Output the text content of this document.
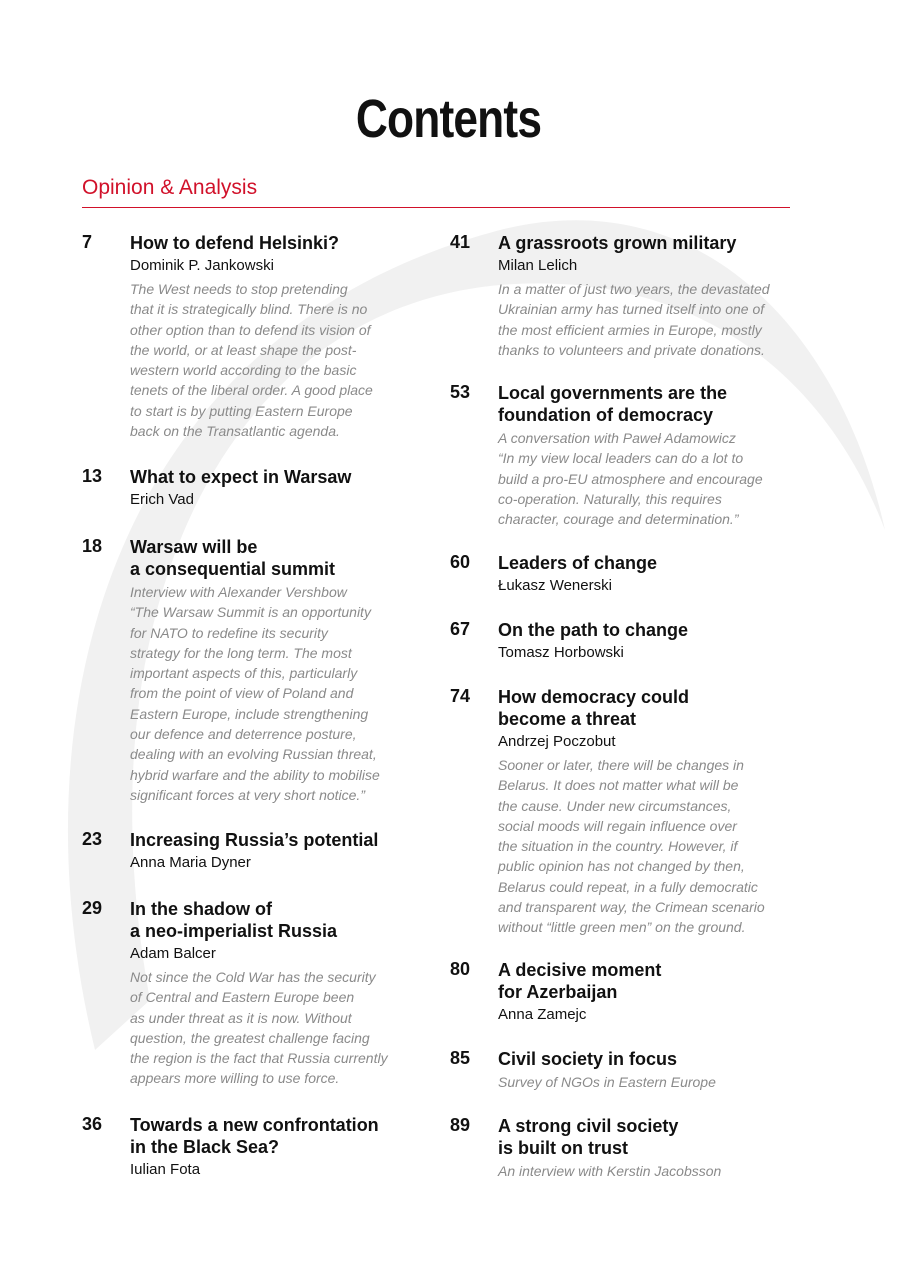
Contents
Opinion & Analysis
7 How to defend Helsinki?
Dominik P. Jankowski
The West needs to stop pretending
that it is strategically blind. There is no
other option than to defend its vision of
the world, or at least shape the post-
western world according to the basic
tenets of the liberal order. A good place
to start is by putting Eastern Europe
back on the Transatlantic agenda.
13 What to expect in Warsaw
Erich Vad
18 Warsaw will be
a consequential summit
Interview with Alexander Vershbow
“The Warsaw Summit is an opportunity
for NATO to redefine its security
strategy for the long term. The most
important aspects of this, particularly
from the point of view of Poland and
Eastern Europe, include strengthening
our defence and deterrence posture,
dealing with an evolving Russian threat,
hybrid warfare and the ability to mobilise
significant forces at very short notice.”
23 Increasing Russia’s potential
Anna Maria Dyner
29 In the shadow of
a neo-imperialist Russia
Adam Balcer
Not since the Cold War has the security
of Central and Eastern Europe been
as under threat as it is now. Without
question, the greatest challenge facing
the region is the fact that Russia currently
appears more willing to use force.
36 Towards a new confrontation
in the Black Sea?
Iulian Fota
41 A grassroots grown military
Milan Lelich
In a matter of just two years, the devastated
Ukrainian army has turned itself into one of
the most efficient armies in Europe, mostly
thanks to volunteers and private donations.
53 Local governments are the
foundation of democracy
A conversation with Paweł Adamowicz
“In my view local leaders can do a lot to
build a pro-EU atmosphere and encourage
co-operation. Naturally, this requires
character, courage and determination.”
60 Leaders of change
Łukasz Wenerski
67 On the path to change
Tomasz Horbowski
74 How democracy could
become a threat
Andrzej Poczobut
Sooner or later, there will be changes in
Belarus. It does not matter what will be
the cause. Under new circumstances,
social moods will regain influence over
the situation in the country. However, if
public opinion has not changed by then,
Belarus could repeat, in a fully democratic
and transparent way, the Crimean scenario
without “little green men” on the ground.
80 A decisive moment
for Azerbaijan
Anna Zamejc
85 Civil society in focus
Survey of NGOs in Eastern Europe
89 A strong civil society
is built on trust
An interview with Kerstin Jacobsson
